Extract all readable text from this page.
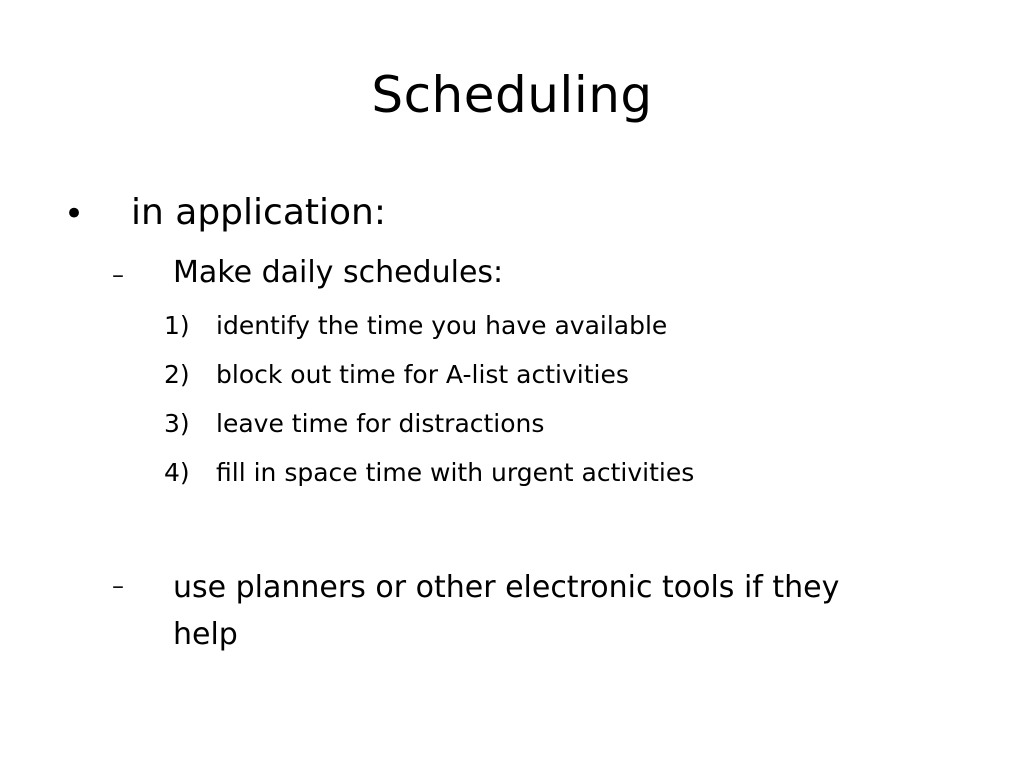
Scheduling
• in application:
– Make daily schedules:
1) identify the time you have available
2) block out time for A-list activities
3) leave time for distractions
4) fill in space time with urgent activities
– use planners or other electronic tools if they help
